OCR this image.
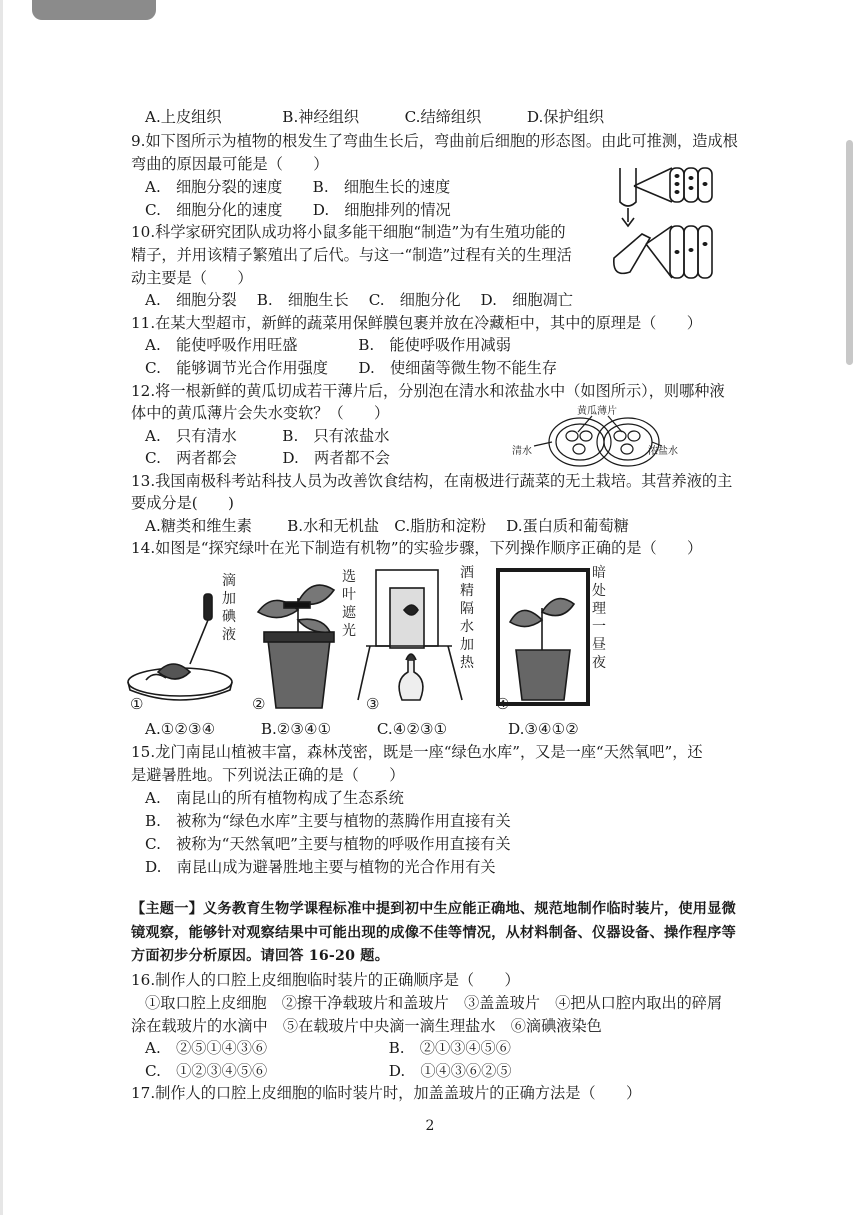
A.上皮组织　　　　B.神经组织　　　C.结缔组织　　　D.保护组织
9.如下图所示为植物的根发生了弯曲生长后，弯曲前后细胞的形态图。由此可推测，造成根
弯曲的原因最可能是（　　）
A.　细胞分裂的速度　　B.　细胞生长的速度
C.　细胞分化的速度　　D.　细胞排列的情况
10.科学家研究团队成功将小鼠多能干细胞“制造”为有生殖功能的
精子，并用该精子繁殖出了后代。与这一“制造”过程有关的生理活
动主要是（　　）
A.　细胞分裂　 B.　细胞生长　 C.　细胞分化　 D.　细胞凋亡
11.在某大型超市，新鲜的蔬菜用保鲜膜包裹并放在冷藏柜中，其中的原理是（　　）
A.　能使呼吸作用旺盛　　　　B.　能使呼吸作用减弱
C.　能够调节光合作用强度　　D.　使细菌等微生物不能生存
12.将一根新鲜的黄瓜切成若干薄片后，分别泡在清水和浓盐水中（如图所示），则哪种液
体中的黄瓜薄片会失水变软？（　　）
A.　只有清水　　　B.　只有浓盐水
C.　两者都会　　　D.　两者都不会
13.我国南极科考站科技人员为改善饮食结构，在南极进行蔬菜的无土栽培。其营养液的主
要成分是(　　)
A.糖类和维生素　　 B.水和无机盐　C.脂肪和淀粉　 D.蛋白质和葡萄糖
14.如图是“探究绿叶在光下制造有机物”的实验步骤，下列操作顺序正确的是（　　）
A.①②③④　　　B.②③④①　　　C.④②③①　　　　D.③④①②
15.龙门南昆山植被丰富，森林茂密，既是一座“绿色水库”，又是一座“天然氧吧”，还
是避暑胜地。下列说法正确的是（　　）
A.　南昆山的所有植物构成了生态系统
B.　被称为“绿色水库”主要与植物的蒸腾作用直接有关
C.　被称为“天然氧吧”主要与植物的呼吸作用直接有关
D.　南昆山成为避暑胜地主要与植物的光合作用有关
【主题一】义务教育生物学课程标准中提到初中生应能正确地、规范地制作临时装片，使用显微镜观察，能够针对观察结果中可能出现的成像不佳等情况，从材料制备、仪器设备、操作程序等方面初步分析原因。请回答 16-20 题。
16.制作人的口腔上皮细胞临时装片的正确顺序是（　　）
①取口腔上皮细胞　②擦干净载玻片和盖玻片　③盖盖玻片　④把从口腔内取出的碎屑
涂在载玻片的水滴中　⑤在载玻片中央滴一滴生理盐水　⑥滴碘液染色
A.　②⑤①④③⑥　　　　　　　　B.　②①③④⑤⑥
C.　①②③④⑤⑥　　　　　　　　D.　①④③⑥②⑤
17.制作人的口腔上皮细胞的临时装片时，加盖盖玻片的正确方法是（　　）
黄瓜薄片
清水	浓盐水
滴加碘液
选叶遮光
酒精隔水加热
暗处理一昼夜
①	②	③	④
2
